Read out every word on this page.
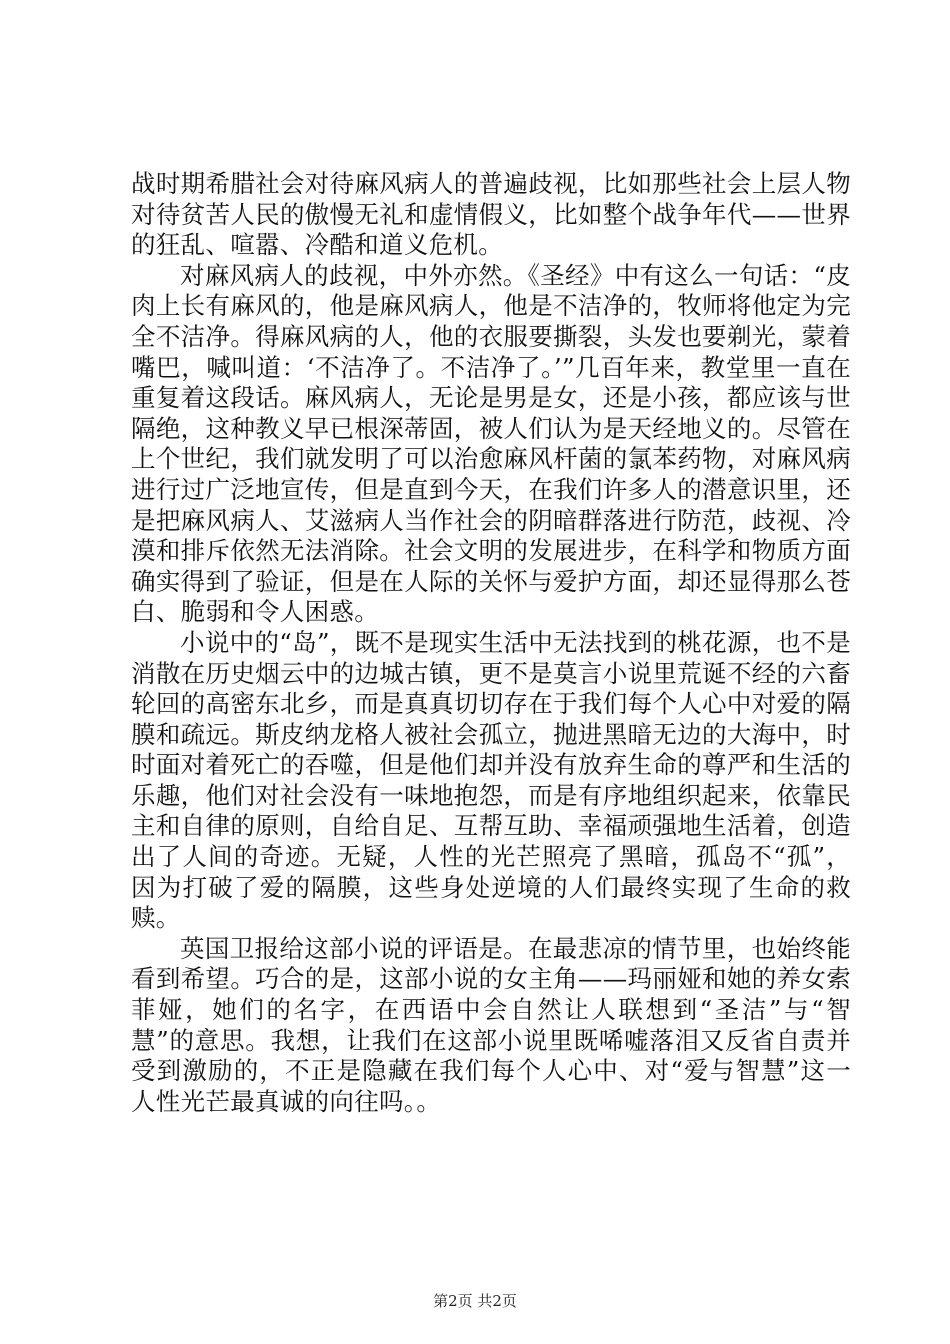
战时期希腊社会对待麻风病人的普遍歧视，比如那些社会上层人物对待贫苦人民的傲慢无礼和虚情假义，比如整个战争年代——世界的狂乱、喧嚣、冷酷和道义危机。

对麻风病人的歧视，中外亦然。《圣经》中有这么一句话：“皮肉上长有麻风的，他是麻风病人，他是不洁净的，牧师将他定为完全不洁净。得麻风病的人，他的衣服要撕裂，头发也要剃光，蒙着嘴巴，喊叫道：‘不洁净了。不洁净了。’”几百年来，教堂里一直在重复着这段话。麻风病人，无论是男是女，还是小孩，都应该与世隔绝，这种教义早已根深蒂固，被人们认为是天经地义的。尽管在上个世纪，我们就发明了可以治愈麻风杆菌的氯苯药物，对麻风病进行过广泛地宣传，但是直到今天，在我们许多人的潜意识里，还是把麻风病人、艾滋病人当作社会的阴暗群落进行防范，歧视、冷漠和排斥依然无法消除。社会文明的发展进步，在科学和物质方面确实得到了验证，但是在人际的关怀与爱护方面，却还显得那么苍白、脆弱和令人困惑。

小说中的“岛”，既不是现实生活中无法找到的桃花源，也不是消散在历史烟云中的边城古镇，更不是莫言小说里荒诞不经的六畜轮回的高密东北乡，而是真真切切存在于我们每个人心中对爱的隔膜和疏远。斯皮纳龙格人被社会孤立，抛进黑暗无边的大海中，时时面对着死亡的吞噬，但是他们却并没有放弃生命的尊严和生活的乐趣，他们对社会没有一味地抱怨，而是有序地组织起来，依靠民主和自律的原则，自给自足、互帮互助、幸福顽强地生活着，创造出了人间的奇迹。无疑，人性的光芒照亮了黑暗，孤岛不“孤”，因为打破了爱的隔膜，这些身处逆境的人们最终实现了生命的救赎。

英国卫报给这部小说的评语是。在最悲凉的情节里，也始终能看到希望。巧合的是，这部小说的女主角——玛丽娅和她的养女索菲娅，她们的名字，在西语中会自然让人联想到“圣洁”与“智慧”的意思。我想，让我们在这部小说里既唏嘘落泪又反省自责并受到激励的，不正是隐藏在我们每个人心中、对“爱与智慧”这一人性光芒最真诚的向往吗。。

第2页 共2页
